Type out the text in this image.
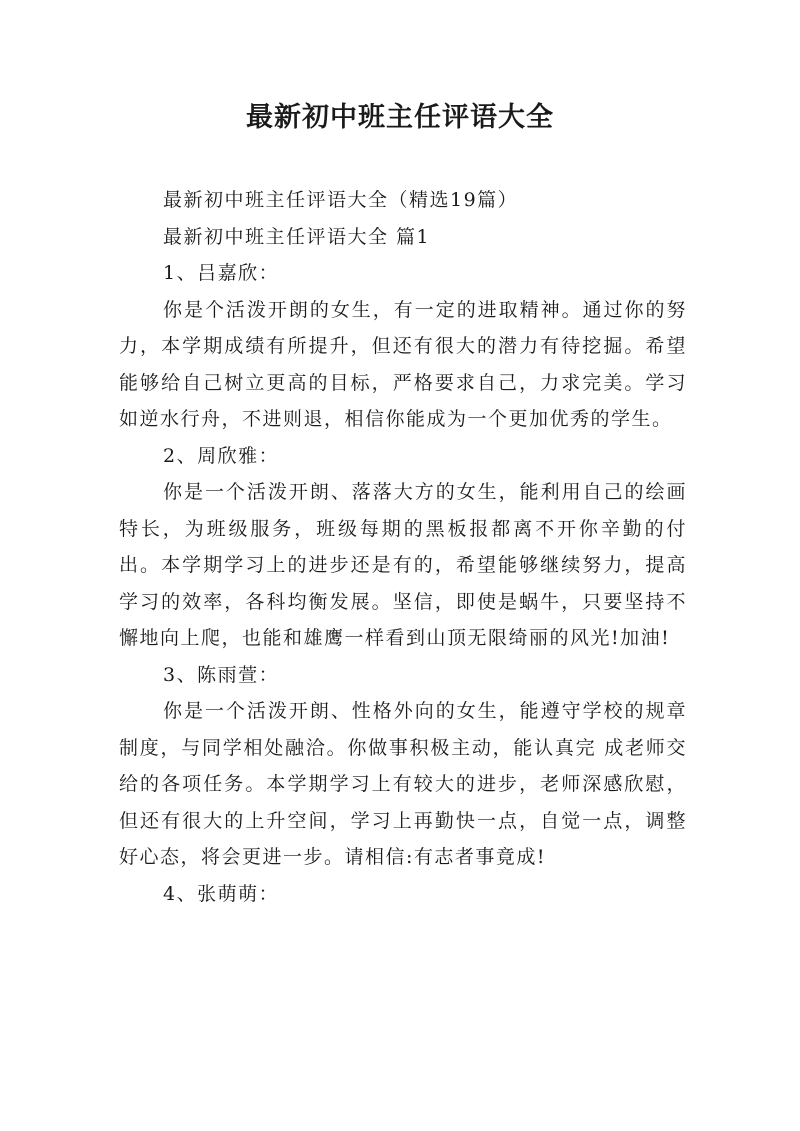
最新初中班主任评语大全

最新初中班主任评语大全（精选19篇）

最新初中班主任评语大全 篇1

1、吕嘉欣：

你是个活泼开朗的女生，有一定的进取精神。通过你的努力，本学期成绩有所提升，但还有很大的潜力有待挖掘。希望能够给自己树立更高的目标，严格要求自己，力求完美。学习如逆水行舟，不进则退，相信你能成为一个更加优秀的学生。

2、周欣雅：

你是一个活泼开朗、落落大方的女生，能利用自己的绘画特长，为班级服务，班级每期的黑板报都离不开你辛勤的付出。本学期学习上的进步还是有的，希望能够继续努力，提高学习的效率，各科均衡发展。坚信，即使是蜗牛，只要坚持不懈地向上爬，也能和雄鹰一样看到山顶无限绮丽的风光!加油!

3、陈雨萱：

你是一个活泼开朗、性格外向的女生，能遵守学校的规章制度，与同学相处融洽。你做事积极主动，能认真完 成老师交给的各项任务。本学期学习上有较大的进步，老师深感欣慰，但还有很大的上升空间，学习上再勤快一点，自觉一点，调整好心态，将会更进一步。请相信:有志者事竟成!

4、张萌萌：
